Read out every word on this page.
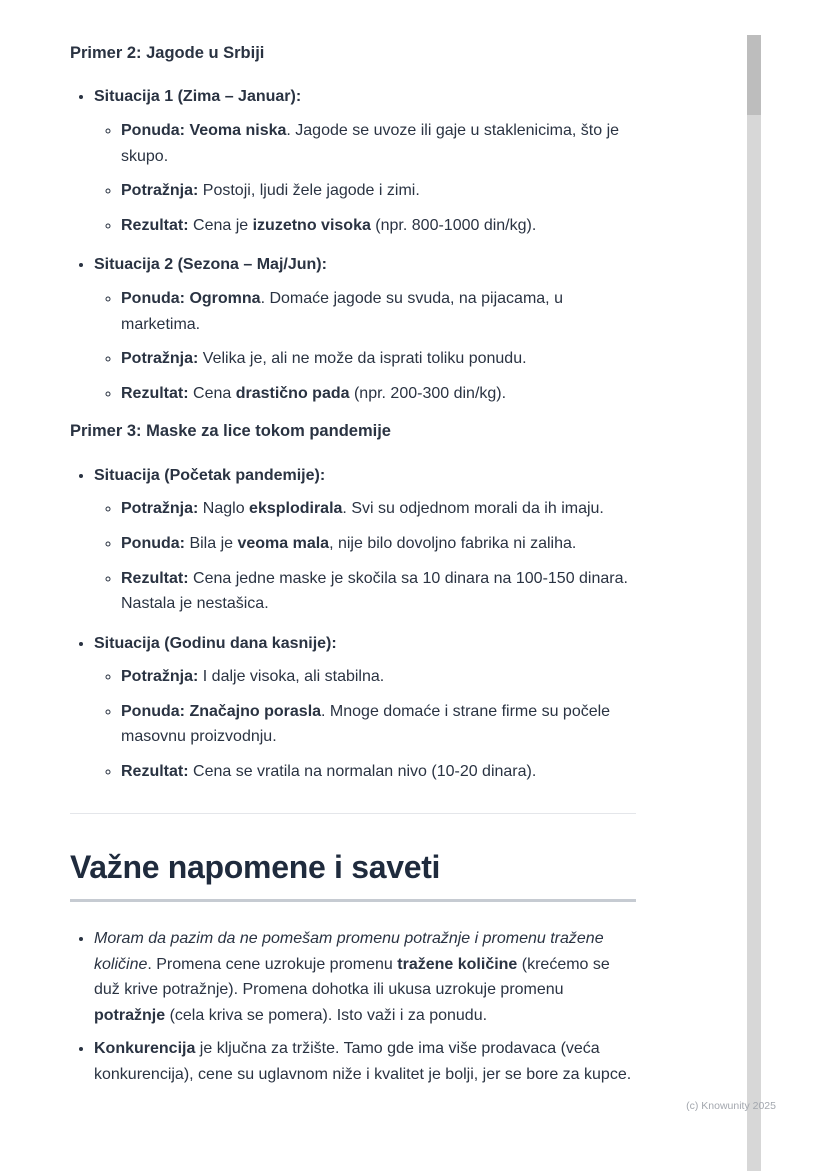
Primer 2: Jagode u Srbiji
• Situacija 1 (Zima – Januar):
◦ Ponuda: Veoma niska. Jagode se uvoze ili gaje u staklenicima, što je skupo.
◦ Potražnja: Postoji, ljudi žele jagode i zimi.
◦ Rezultat: Cena je izuzetno visoka (npr. 800-1000 din/kg).
• Situacija 2 (Sezona – Maj/Jun):
◦ Ponuda: Ogromna. Domaće jagode su svuda, na pijacama, u marketima.
◦ Potražnja: Velika je, ali ne može da isprati toliku ponudu.
◦ Rezultat: Cena drastično pada (npr. 200-300 din/kg).
Primer 3: Maske za lice tokom pandemije
• Situacija (Početak pandemije):
◦ Potražnja: Naglo eksplodirala. Svi su odjednom morali da ih imaju.
◦ Ponuda: Bila je veoma mala, nije bilo dovoljno fabrika ni zaliha.
◦ Rezultat: Cena jedne maske je skočila sa 10 dinara na 100-150 dinara. Nastala je nestašica.
• Situacija (Godinu dana kasnije):
◦ Potražnja: I dalje visoka, ali stabilna.
◦ Ponuda: Značajno porasla. Mnoge domaće i strane firme su počele masovnu proizvodnju.
◦ Rezultat: Cena se vratila na normalan nivo (10-20 dinara).
Važne napomene i saveti
• Moram da pazim da ne pomešam promenu potražnje i promenu tražene količine. Promena cene uzrokuje promenu tražene količine (krećemo se duž krive potražnje). Promena dohotka ili ukusa uzrokuje promenu potražnje (cela kriva se pomera). Isto važi i za ponudu.
• Konkurencija je ključna za tržište. Tamo gde ima više prodavaca (veća konkurencija), cene su uglavnom niže i kvalitet je bolji, jer se bore za kupce.
(c) Knowunity 2025
